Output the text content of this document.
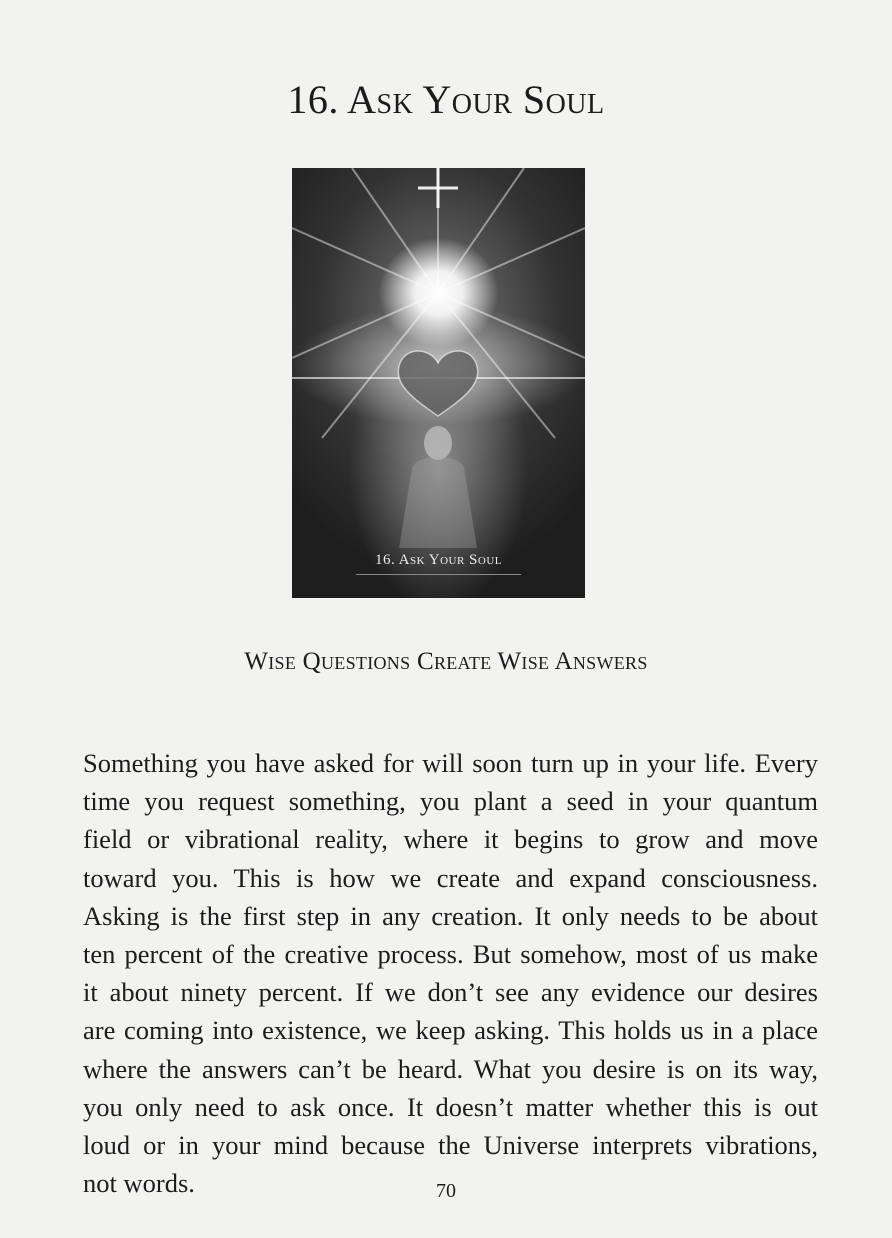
16. Ask Your Soul
16. Ask Your Soul
Wise Questions Create Wise Answers
Something you have asked for will soon turn up in your life. Every
time you request something, you plant a seed in your quantum
field or vibrational reality, where it begins to grow and move
toward you. This is how we create and expand consciousness.
Asking is the first step in any creation. It only needs to be about
ten percent of the creative process. But somehow, most of us make
it about ninety percent. If we don’t see any evidence our desires
are coming into existence, we keep asking. This holds us in a place
where the answers can’t be heard. What you desire is on its way,
you only need to ask once. It doesn’t matter whether this is out
loud or in your mind because the Universe interprets vibrations,
not words.	70
